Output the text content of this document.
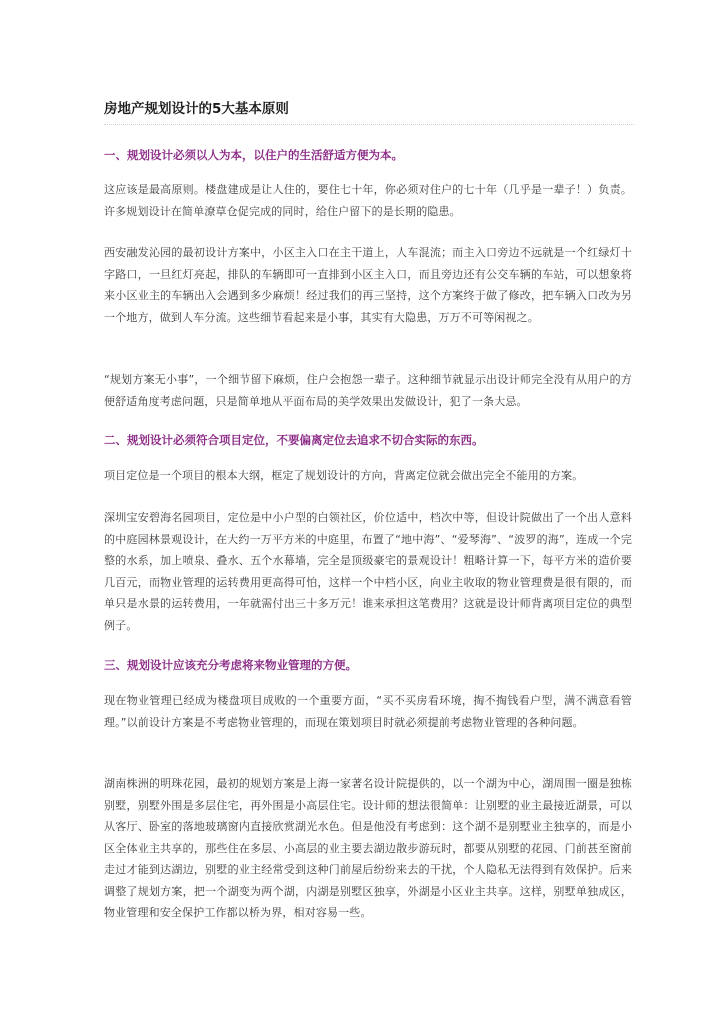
房地产规划设计的5大基本原则
一、规划设计必须以人为本，以住户的生活舒适方便为本。

这应该是最高原则。楼盘建成是让人住的，要住七十年，你必须对住户的七十年（几乎是一辈子！）负责。许多规划设计在简单潦草仓促完成的同时，给住户留下的是长期的隐患。

西安融发沁园的最初设计方案中，小区主入口在主干道上，人车混流；而主入口旁边不远就是一个红绿灯十字路口，一旦红灯亮起，排队的车辆即可一直排到小区主入口，而且旁边还有公交车辆的车站，可以想象将来小区业主的车辆出入会遇到多少麻烦！经过我们的再三坚持，这个方案终于做了修改，把车辆入口改为另一个地方，做到人车分流。这些细节看起来是小事，其实有大隐患，万万不可等闲视之。

“规划方案无小事”，一个细节留下麻烦，住户会抱怨一辈子。这种细节就显示出设计师完全没有从用户的方便舒适角度考虑问题，只是简单地从平面布局的美学效果出发做设计，犯了一条大忌。

二、规划设计必须符合项目定位，不要偏离定位去追求不切合实际的东西。

项目定位是一个项目的根本大纲，框定了规划设计的方向，背离定位就会做出完全不能用的方案。

深圳宝安碧海名园项目，定位是中小户型的白领社区，价位适中，档次中等，但设计院做出了一个出人意料的中庭园林景观设计，在大约一万平方米的中庭里，布置了“地中海”、“爱琴海”、“波罗的海”，连成一个完整的水系，加上喷泉、叠水、五个水幕墙，完全是顶级豪宅的景观设计！粗略计算一下，每平方米的造价要几百元，而物业管理的运转费用更高得可怕，这样一个中档小区，向业主收取的物业管理费是很有限的，而单只是水景的运转费用，一年就需付出三十多万元！谁来承担这笔费用？这就是设计师背离项目定位的典型例子。

三、规划设计应该充分考虑将来物业管理的方便。

现在物业管理已经成为楼盘项目成败的一个重要方面，“买不买房看环境，掏不掏钱看户型，满不满意看管理。”以前设计方案是不考虑物业管理的，而现在策划项目时就必须提前考虑物业管理的各种问题。

湖南株洲的明珠花园，最初的规划方案是上海一家著名设计院提供的，以一个湖为中心，湖周围一圈是独栋别墅，别墅外围是多层住宅，再外围是小高层住宅。设计师的想法很简单：让别墅的业主最接近湖景，可以从客厅、卧室的落地玻璃窗内直接欣赏湖光水色。但是他没有考虑到：这个湖不是别墅业主独享的，而是小区全体业主共享的，那些住在多层、小高层的业主要去湖边散步游玩时，都要从别墅的花园、门前甚至窗前走过才能到达湖边，别墅的业主经常受到这种门前屋后纷纷来去的干扰，个人隐私无法得到有效保护。后来调整了规划方案，把一个湖变为两个湖，内湖是别墅区独享，外湖是小区业主共享。这样，别墅单独成区，物业管理和安全保护工作都以桥为界，相对容易一些。
